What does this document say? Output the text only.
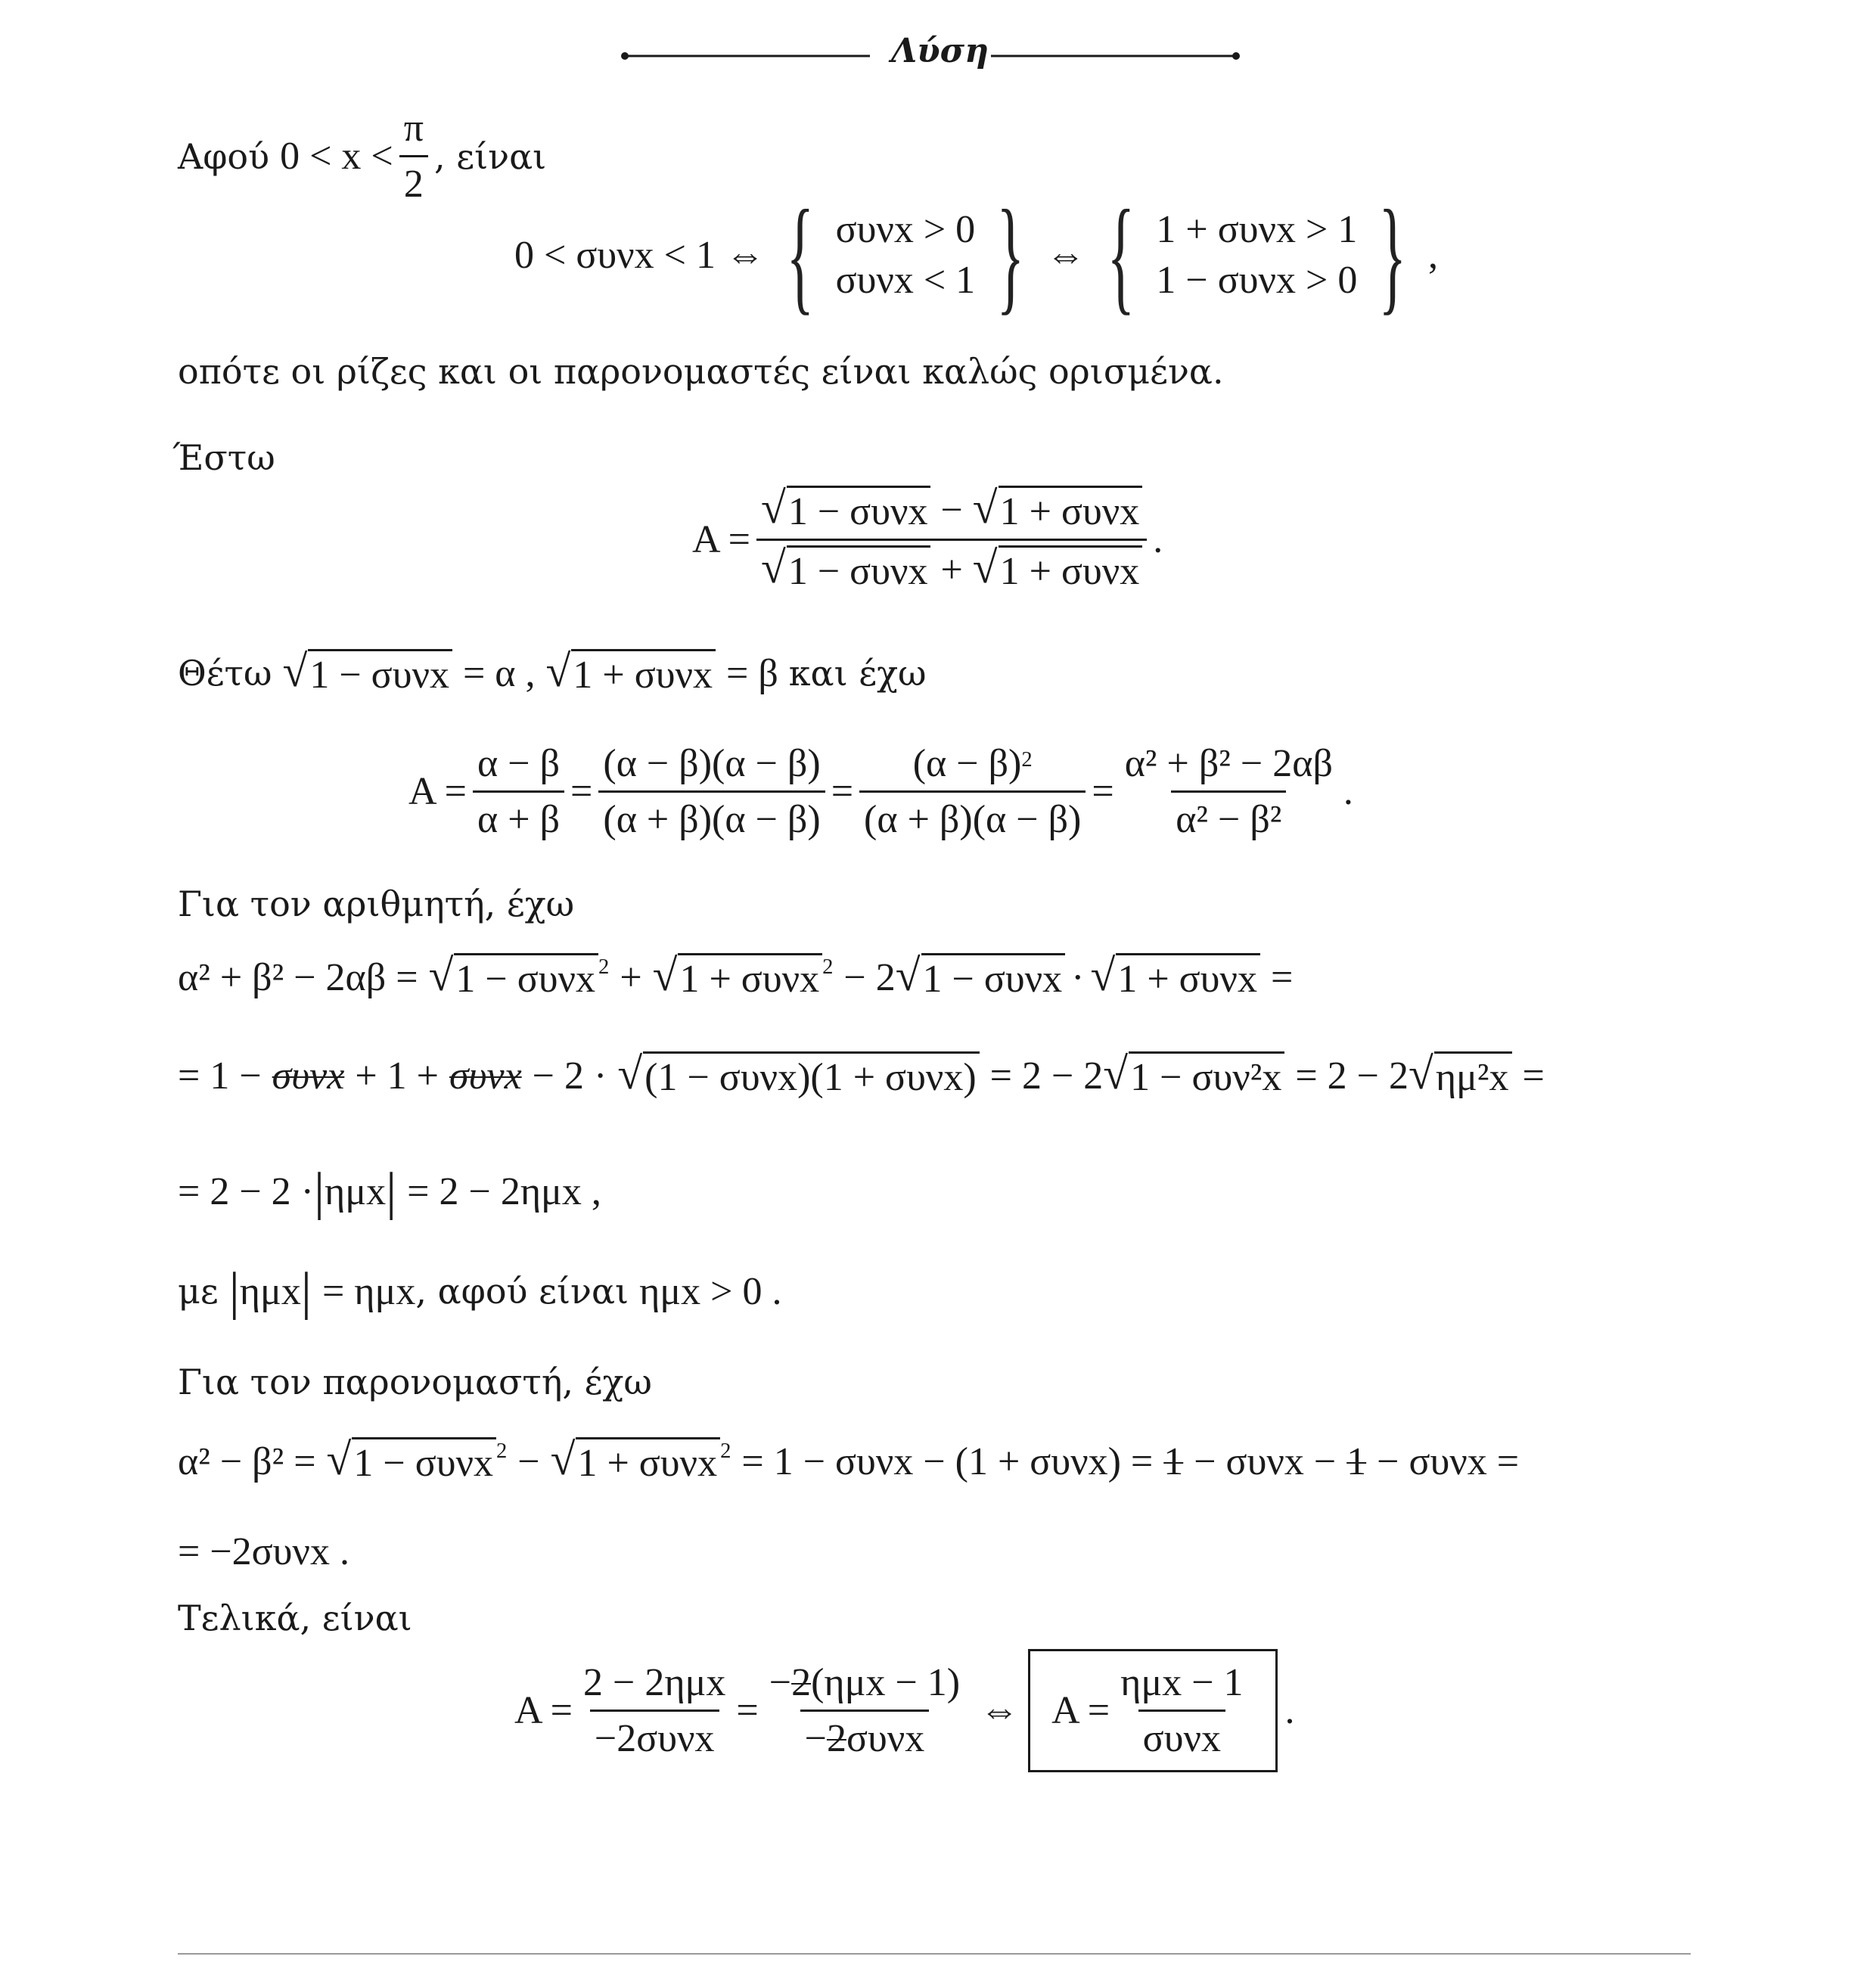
Λύση
Αφού $0 < x < \frac{\pi}{2}$ , είναι
0 < συνx < 1 ⇔ { συνx > 0
συνx < 1 } ⇔ { 1 + συνx > 1
1 − συνx > 0 } ,
οπότε οι ρίζες και οι παρονομαστές είναι καλώς ορισμένα.
Έστω
$A = \frac{\text{√ 1 − συνx − √ 1 + συνx}}{\text{√ 1 − συνx + √ 1 + συνx}}$ .
Θέτω √ 1 − συνx = α , √ 1 + συνx = β και έχω
$A = \frac{\alpha - \beta}{\alpha + \beta} = \frac{(\alpha - \beta)(\alpha - \beta)}{(\alpha + \beta)(\alpha - \beta)} = \frac{(\alpha - \beta)^2}{(\alpha + \beta)(\alpha - \beta)} = \frac{\text{α² + β² − 2αβ}}{\text{α² − β²}}$ .
Για τον αριθμητή, έχω
α² + β² − 2αβ = √ 1 − συνx$^2$ + √ 1 + συνx$^2$ − 2 √ 1 − συνx · √ 1 + συνx =
= 1 − συνx + 1 + συνx − 2 · √ (1 − συνx)(1 + συνx) = 2 − 2 √ 1 − συν²x = 2 − 2 √ ημ²x =
= 2 − 2 · | ημx | = 2 − 2ημx ,
με | ημx | = ημx , αφού είναι ημx > 0 .
Για τον παρονομαστή, έχω
α² − β² = √ 1 − συνx$^2$ − √ 1 + συνx$^2$ = 1 − συνx − (1 + συνx) = 1 − συνx − 1 − συνx =
= −2συνx .
Τελικά, είναι
$A = \frac{\text{2 − 2ημx}}{\text{−2συνx}} = \frac{\text{−2(ημx − 1)}}{\text{−2συνx}}$ ⇔ $A = \frac{\text{ημx − 1}}{\text{συνx}}$ .
